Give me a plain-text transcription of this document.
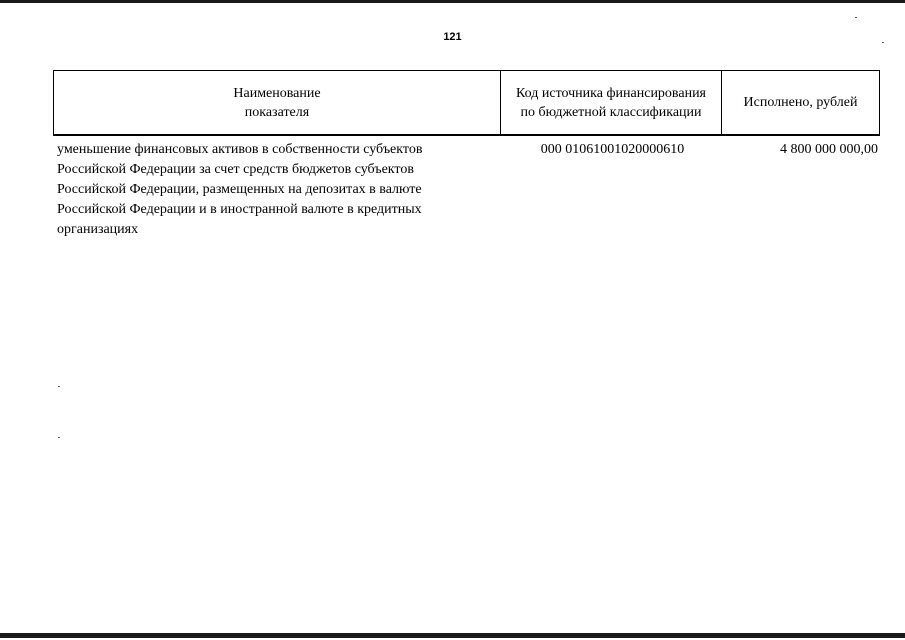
121
Наименование
показателя
Код источника финансирования
по бюджетной классификации
Исполнено, рублей
уменьшение финансовых активов в собственности субъектов
Российской Федерации за счет средств бюджетов субъектов
Российской Федерации, размещенных на депозитах в валюте
Российской Федерации и в иностранной валюте в кредитных
организациях
000 01061001020000610	4 800 000 000,00
